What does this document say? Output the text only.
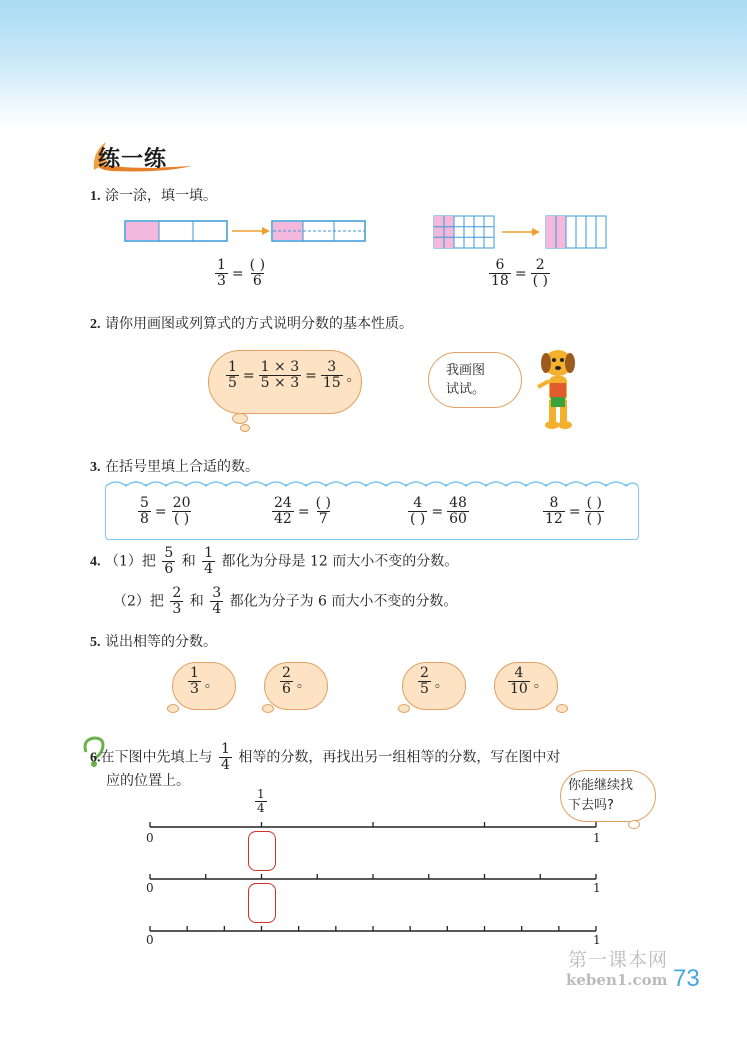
练一练
1. 涂一涂，填一填。
$\frac{1}{3} = \frac{( )}{6}$	$\frac{6}{18} = \frac{2}{( )}$
2. 请你用画图或列算式的方式说明分数的基本性质。
$\frac{1}{5} = \frac{1 \times 3}{5 \times 3} = \frac{3}{15}$ 。	我画图
试试。
3. 在括号里填上合适的数。
$\frac{5}{8} = \frac{20}{( )}$	$\frac{24}{42} = \frac{( )}{7}$	$\frac{4}{( )} = \frac{48}{60}$	$\frac{8}{12} = \frac{( )}{( )}$
4. （1）把 $\frac{5}{6}$ 和 $\frac{1}{4}$ 都化为分母是 12 而大小不变的分数。
（2）把 $\frac{2}{3}$ 和 $\frac{3}{4}$ 都化为分子为 6 而大小不变的分数。
5. 说出相等的分数。
$\frac{1}{3}$ 。	$\frac{2}{6}$ 。	$\frac{2}{5}$ 。	$\frac{4}{10}$ 。
6.在下图中先填上与 $\frac{1}{4}$ 相等的分数，再找出另一组相等的分数，写在图中对
应的位置上。	你能继续找
下去吗?
$\frac{1}{4}$
0	1
0	1
0	1
第一课本网
keben1.com 73
